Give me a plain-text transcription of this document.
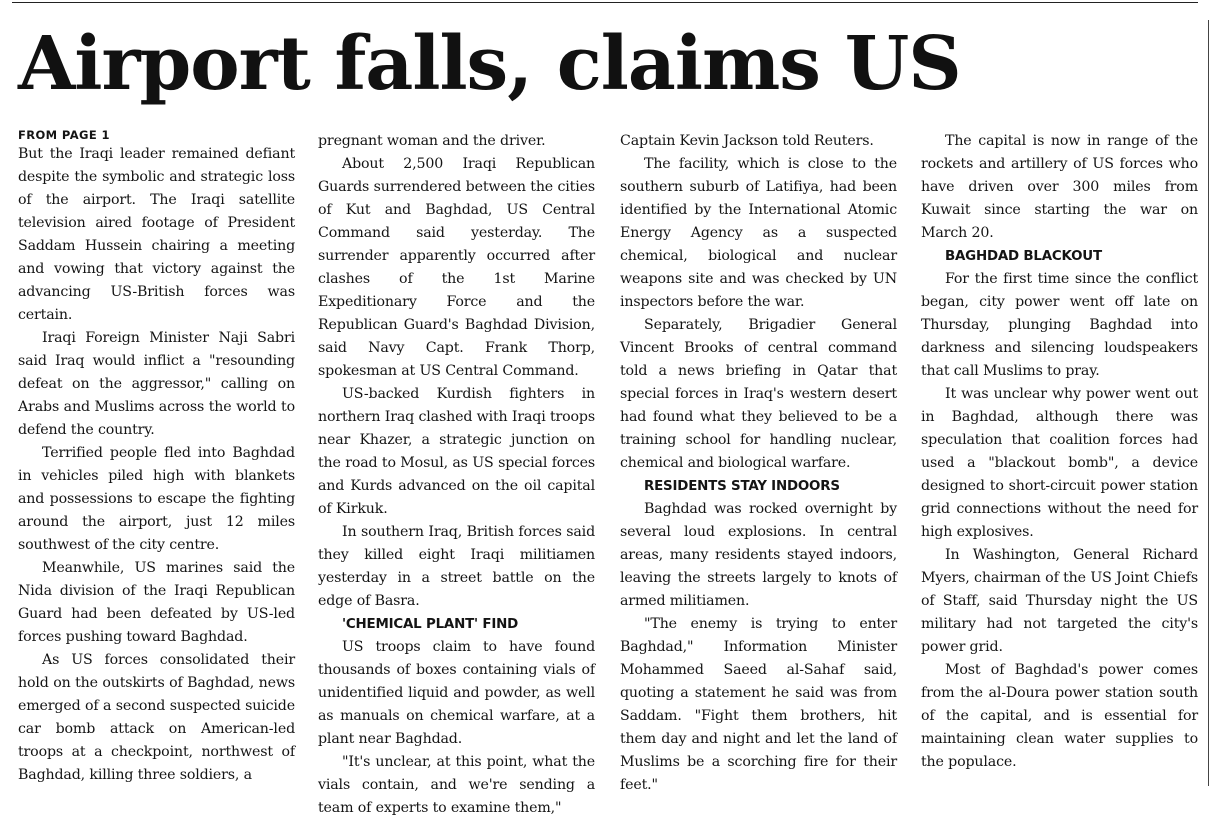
Airport falls, claims US
FROM PAGE 1

But the Iraqi leader remained defiant despite the symbolic and strategic loss of the airport. The Iraqi satellite television aired footage of President Saddam Hussein chairing a meeting and vowing that victory against the advancing US-British forces was certain.

Iraqi Foreign Minister Naji Sabri said Iraq would inflict a "resounding defeat on the aggressor," calling on Arabs and Muslims across the world to defend the country.

Terrified people fled into Baghdad in vehicles piled high with blankets and possessions to escape the fighting around the airport, just 12 miles southwest of the city centre.

Meanwhile, US marines said the Nida division of the Iraqi Republican Guard had been defeated by US-led forces pushing toward Baghdad.

As US forces consolidated their hold on the outskirts of Baghdad, news emerged of a second suspected suicide car bomb attack on American-led troops at a checkpoint, northwest of Baghdad, killing three soldiers, a

pregnant woman and the driver.

About 2,500 Iraqi Republican Guards surrendered between the cities of Kut and Baghdad, US Central Command said yesterday. The surrender apparently occurred after clashes of the 1st Marine Expeditionary Force and the Republican Guard's Baghdad Division, said Navy Capt. Frank Thorp, spokesman at US Central Command.

US-backed Kurdish fighters in northern Iraq clashed with Iraqi troops near Khazer, a strategic junction on the road to Mosul, as US special forces and Kurds advanced on the oil capital of Kirkuk.

In southern Iraq, British forces said they killed eight Iraqi militiamen yesterday in a street battle on the edge of Basra.

'CHEMICAL PLANT' FIND

US troops claim to have found thousands of boxes containing vials of unidentified liquid and powder, as well as manuals on chemical warfare, at a plant near Baghdad.

"It's unclear, at this point, what the vials contain, and we're sending a team of experts to examine them,"

Captain Kevin Jackson told Reuters.

The facility, which is close to the southern suburb of Latifiya, had been identified by the International Atomic Energy Agency as a suspected chemical, biological and nuclear weapons site and was checked by UN inspectors before the war.

Separately, Brigadier General Vincent Brooks of central command told a news briefing in Qatar that special forces in Iraq's western desert had found what they believed to be a training school for handling nuclear, chemical and biological warfare.

RESIDENTS STAY INDOORS

Baghdad was rocked overnight by several loud explosions. In central areas, many residents stayed indoors, leaving the streets largely to knots of armed militiamen.

"The enemy is trying to enter Baghdad," Information Minister Mohammed Saeed al-Sahaf said, quoting a statement he said was from Saddam. "Fight them brothers, hit them day and night and let the land of Muslims be a scorching fire for their feet."

The capital is now in range of the rockets and artillery of US forces who have driven over 300 miles from Kuwait since starting the war on March 20.

BAGHDAD BLACKOUT

For the first time since the conflict began, city power went off late on Thursday, plunging Baghdad into darkness and silencing loudspeakers that call Muslims to pray.

It was unclear why power went out in Baghdad, although there was speculation that coalition forces had used a "blackout bomb", a device designed to short-circuit power station grid connections without the need for high explosives.

In Washington, General Richard Myers, chairman of the US Joint Chiefs of Staff, said Thursday night the US military had not targeted the city's power grid.

Most of Baghdad's power comes from the al-Doura power station south of the capital, and is essential for maintaining clean water supplies to the populace.
